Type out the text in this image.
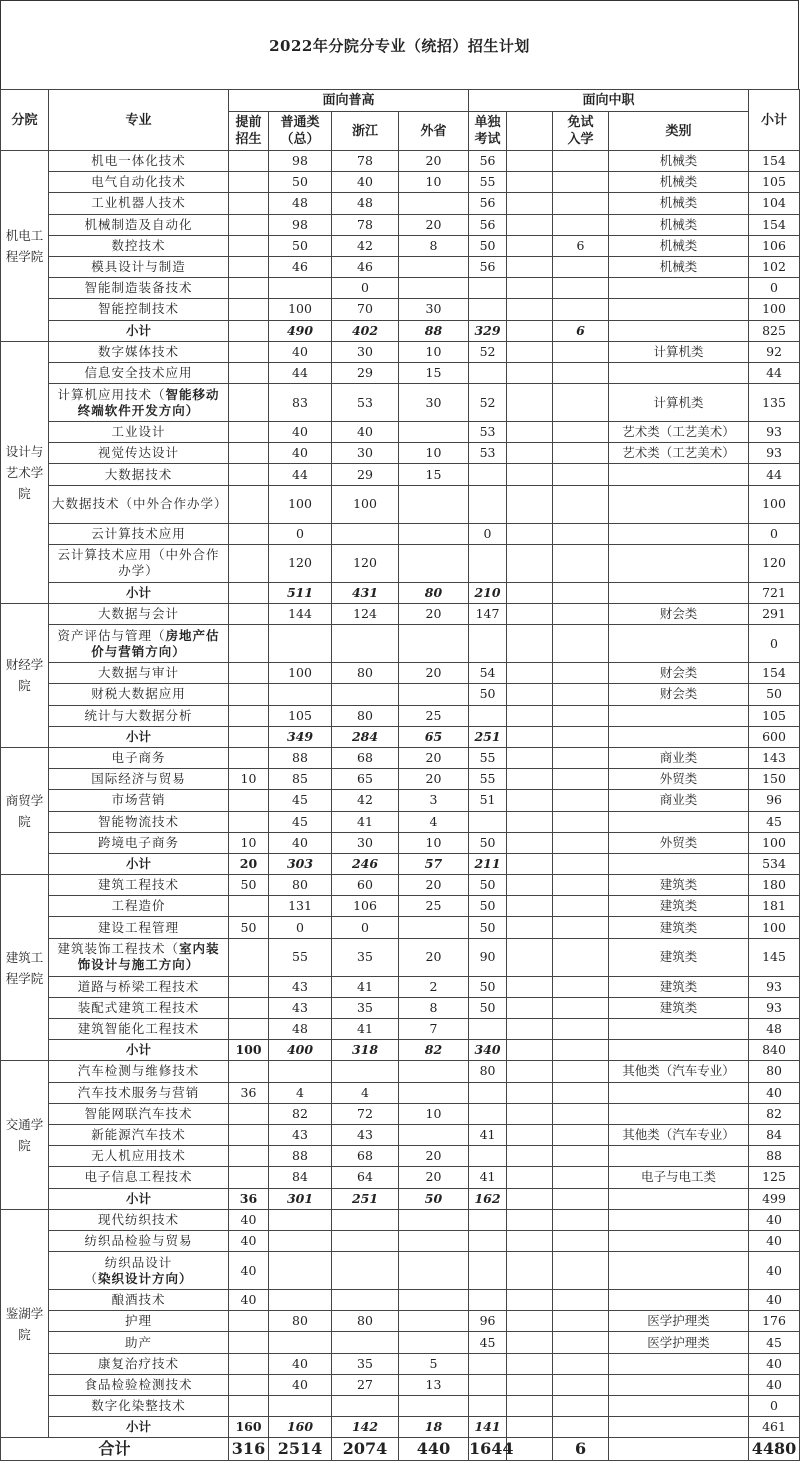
2022年分院分专业（统招）招生计划
分院	专业	面向普高				面向中职				小计
		提前招生	普通类（总）	浙江	外省	单独考试		免试入学	类别	
机电工程学院	机电一体化技术		98	78	20	56			机械类	154
	电气自动化技术		50	40	10	55			机械类	105
	工业机器人技术		48	48		56			机械类	104
	机械制造及自动化		98	78	20	56			机械类	154
	数控技术		50	42	8	50		6	机械类	106
	模具设计与制造		46	46		56			机械类	102
	智能制造装备技术			0						0
	智能控制技术		100	70	30					100
	小计		490	402	88	329		6		825
设计与艺术学院	数字媒体技术		40	30	10	52			计算机类	92
	信息安全技术应用		44	29	15					44
	计算机应用技术（智能移动终端软件开发方向）		83	53	30	52			计算机类	135
	工业设计		40	40		53			艺术类（工艺美术）	93
	视觉传达设计		40	30	10	53			艺术类（工艺美术）	93
	大数据技术		44	29	15					44
	大数据技术（中外合作办学）		100	100						100
	云计算技术应用		0			0				0
	云计算技术应用（中外合作办学）		120	120						120
	小计		511	431	80	210				721
财经学院	大数据与会计		144	124	20	147			财会类	291
	资产评估与管理（房地产估价与营销方向）									0
	大数据与审计		100	80	20	54			财会类	154
	财税大数据应用					50			财会类	50
	统计与大数据分析		105	80	25					105
	小计		349	284	65	251				600
商贸学院	电子商务		88	68	20	55			商业类	143
	国际经济与贸易	10	85	65	20	55			外贸类	150
	市场营销		45	42	3	51			商业类	96
	智能物流技术		45	41	4					45
	跨境电子商务	10	40	30	10	50			外贸类	100
	小计	20	303	246	57	211				534
建筑工程学院	建筑工程技术	50	80	60	20	50			建筑类	180
	工程造价		131	106	25	50			建筑类	181
	建设工程管理	50	0	0		50			建筑类	100
	建筑装饰工程技术（室内装饰设计与施工方向）		55	35	20	90			建筑类	145
	道路与桥梁工程技术		43	41	2	50			建筑类	93
	装配式建筑工程技术		43	35	8	50			建筑类	93
	建筑智能化工程技术		48	41	7					48
	小计	100	400	318	82	340				840
交通学院	汽车检测与维修技术					80			其他类（汽车专业）	80
	汽车技术服务与营销	36	4	4						40
	智能网联汽车技术		82	72	10					82
	新能源汽车技术		43	43		41			其他类（汽车专业）	84
	无人机应用技术		88	68	20					88
	电子信息工程技术		84	64	20	41			电子与电工类	125
	小计	36	301	251	50	162				499
鉴湖学院	现代纺织技术	40								40
	纺织品检验与贸易	40								40
	纺织品设计（染织设计方向）	40								40
	酿酒技术	40								40
	护理		80	80		96			医学护理类	176
	助产					45			医学护理类	45
	康复治疗技术		40	35	5					40
	食品检验检测技术		40	27	13					40
	数字化染整技术									0
	小计	160	160	142	18	141				461
合计		316	2514	2074	440	1644		6		4480
